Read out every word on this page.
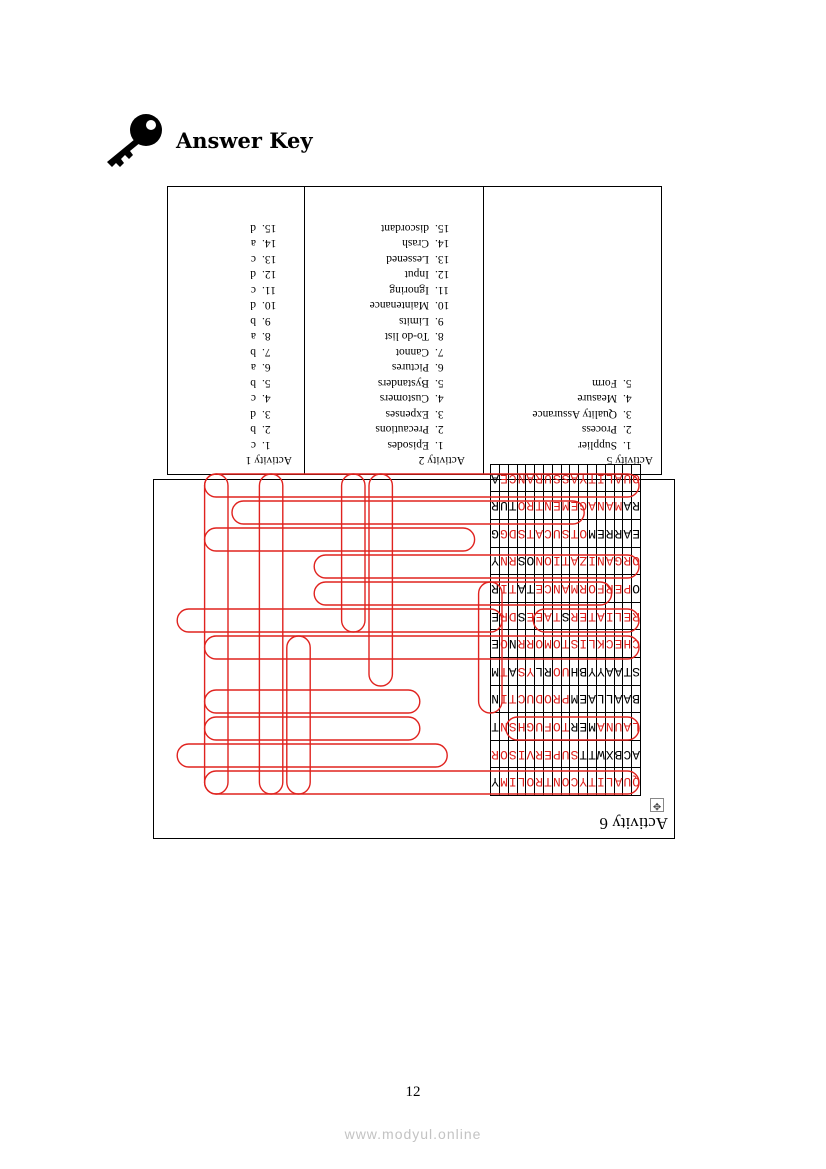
Answer Key
Activity 1
1.c
2.b
3.d
4.c
5.b
6.a
7.b
8.a
9.b
10.d
11.c
12.d
13.c
14.a
15.d
Activity 2
1.Episodes
2.Precautions
3.Expenses
4.Customers
5.Bystanders
6.Pictures
7.Cannot
8.To-do list
9.Limits
10.Maintenance
11.Ignoring
12.Input
13.Lessened
14.Crash
15.discordant
Activity 5
1.Supplier
2.Process
3.Quality Assurance
4.Measure
5.Form
Activity 6
✥
Q	U	A	L	I	T	Y	C	O	N	T	R	O	L	I	M	Y
A	C	B	X	W	T	T	S	U	P	E	R	V	I	S	O	R
L	A	U	N	A	M	E	R	T	O	F	U	G	H	S	N	T
B	A	A	L	L	A	E	M	P	R	O	D	U	C	T	I	N
S	T	A	A	Y	Y	B	H	U	O	R	L	Y	S	A	T	M
C	H	E	C	K	L	I	S	T	O	M	O	R	R	N	O	E
R	E	L	I	A	T	E	R	S	T	A	E	E	S	D	R	E
O	P	E	R	F	O	R	M	A	N	C	E	T	A	T	I	R
O	R	G	A	N	I	Z	A	T	I	O	N	O	S	R	N	Y
E	A	R	R	E	M	O	T	S	U	C	A	T	S	D	G	G
R	A	M	A	N	A	G	E	M	E	N	T	R	O	T	U	R
O	U	A	L	I	T	Y	A	S	S	U	R	A	N	C	E	A
12
www.modyul.online
